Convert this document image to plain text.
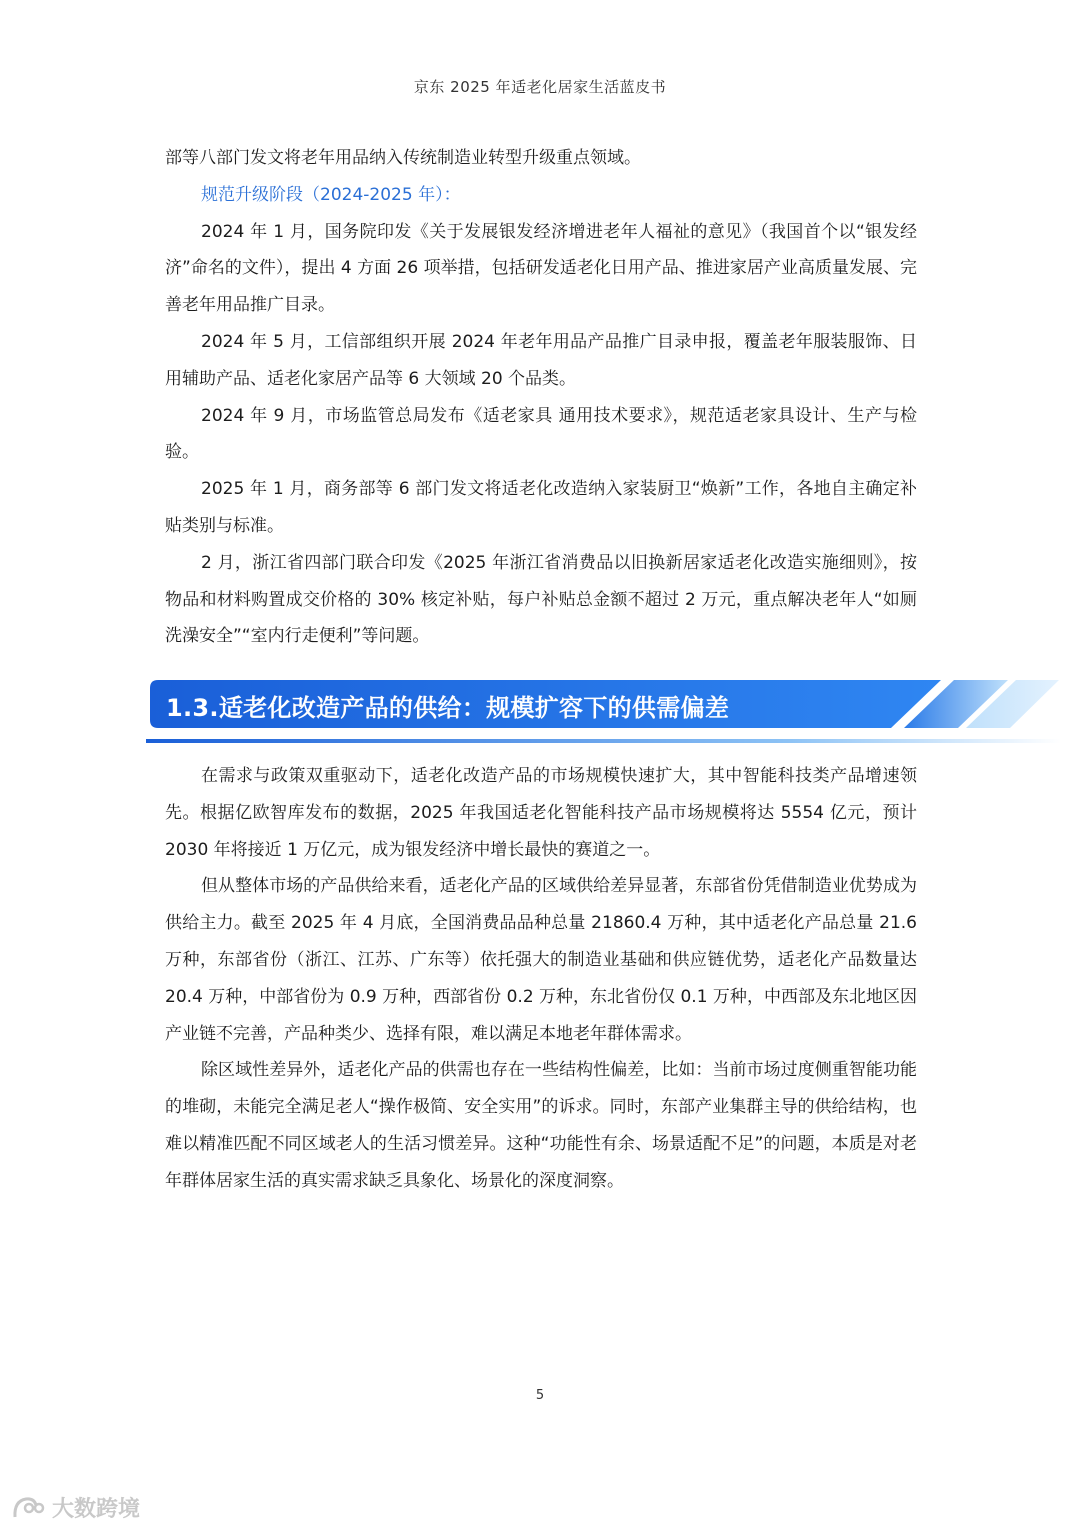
京东 2025 年适老化居家生活蓝皮书

部等八部门发文将老年用品纳入传统制造业转型升级重点领域。

规范升级阶段（2024-2025 年）：

2024 年 1 月，国务院印发《关于发展银发经济增进老年人福祉的意见》（我国首个以“银发经济”命名的文件），提出 4 方面 26 项举措，包括研发适老化日用产品、推进家居产业高质量发展、完善老年用品推广目录。

2024 年 5 月，工信部组织开展 2024 年老年用品产品推广目录申报，覆盖老年服装服饰、日用辅助产品、适老化家居产品等 6 大领域 20 个品类。

2024 年 9 月，市场监管总局发布《适老家具 通用技术要求》，规范适老家具设计、生产与检验。

2025 年 1 月，商务部等 6 部门发文将适老化改造纳入家装厨卫“焕新”工作，各地自主确定补贴类别与标准。

2 月，浙江省四部门联合印发《2025 年浙江省消费品以旧换新居家适老化改造实施细则》，按物品和材料购置成交价格的 30% 核定补贴，每户补贴总金额不超过 2 万元，重点解决老年人“如厕洗澡安全”“室内行走便利”等问题。

1.3.适老化改造产品的供给：规模扩容下的供需偏差

在需求与政策双重驱动下，适老化改造产品的市场规模快速扩大，其中智能科技类产品增速领先。根据亿欧智库发布的数据，2025 年我国适老化智能科技产品市场规模将达 5554 亿元，预计 2030 年将接近 1 万亿元，成为银发经济中增长最快的赛道之一。

但从整体市场的产品供给来看，适老化产品的区域供给差异显著，东部省份凭借制造业优势成为供给主力。截至 2025 年 4 月底，全国消费品品种总量 21860.4 万种，其中适老化产品总量 21.6 万种，东部省份（浙江、江苏、广东等）依托强大的制造业基础和供应链优势，适老化产品数量达 20.4 万种，中部省份为 0.9 万种，西部省份 0.2 万种，东北省份仅 0.1 万种，中西部及东北地区因产业链不完善，产品种类少、选择有限，难以满足本地老年群体需求。

除区域性差异外，适老化产品的供需也存在一些结构性偏差，比如：当前市场过度侧重智能功能的堆砌，未能完全满足老人“操作极简、安全实用”的诉求。同时，东部产业集群主导的供给结构，也难以精准匹配不同区域老人的生活习惯差异。这种“功能性有余、场景适配不足”的问题，本质是对老年群体居家生活的真实需求缺乏具象化、场景化的深度洞察。

5
大数跨境
